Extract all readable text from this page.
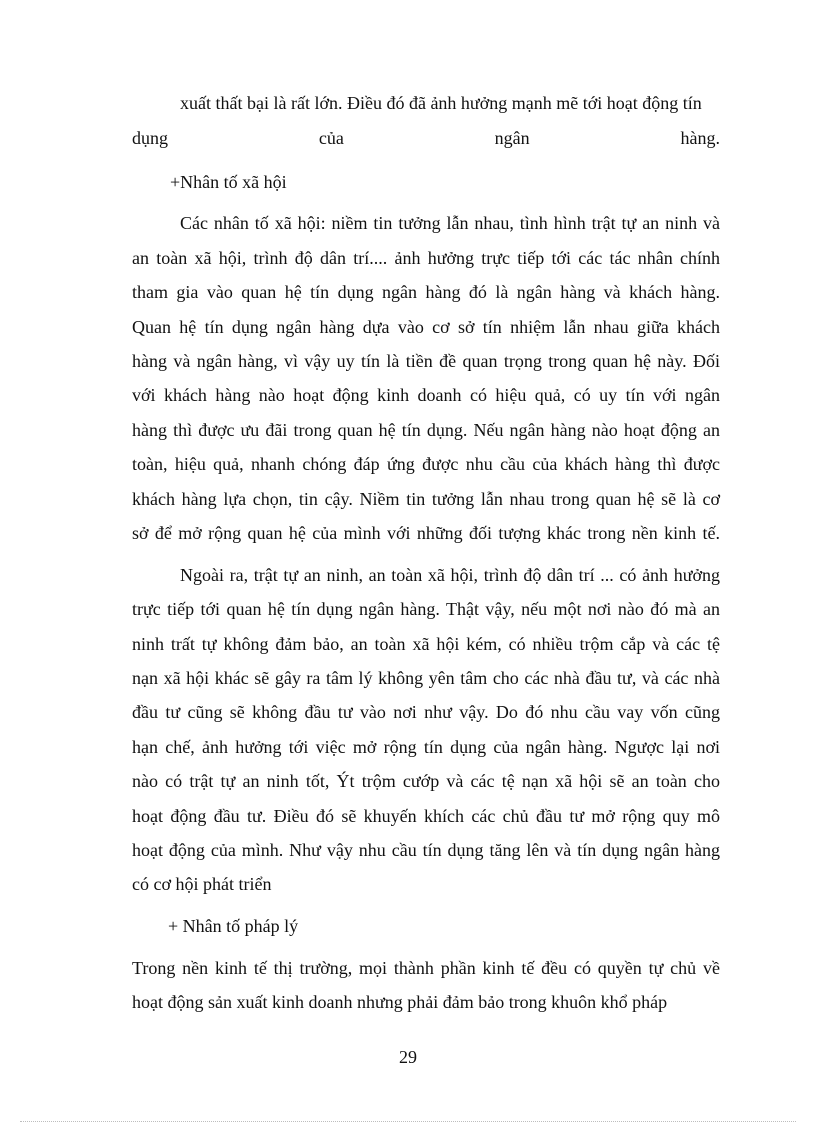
xuất thất bại là rất lớn. Điều đó đã ảnh hưởng mạnh mẽ tới hoạt động tín
dụng của ngân hàng.
+Nhân tố xã hội
Các nhân tố xã hội: niềm tin tưởng lẫn nhau, tình hình trật tự an ninh và
an toàn xã hội, trình độ dân trí.... ảnh hưởng trực tiếp tới các tác nhân chính
tham gia vào quan hệ tín dụng ngân hàng đó là ngân hàng và khách hàng.
Quan hệ tín dụng ngân hàng dựa vào cơ sở tín nhiệm lẫn nhau giữa khách
hàng và ngân hàng, vì vậy uy tín là tiền đề quan trọng trong quan hệ này. Đối
với khách hàng nào hoạt động kinh doanh có hiệu quả, có uy tín với ngân
hàng thì được ưu đãi trong quan hệ tín dụng. Nếu ngân hàng nào hoạt động an
toàn, hiệu quả, nhanh chóng đáp ứng được nhu cầu của khách hàng thì được
khách hàng lựa chọn, tin cậy. Niềm tin tưởng lẫn nhau trong quan hệ sẽ là cơ
sở để mở rộng quan hệ của mình với những đối tượng khác trong nền kinh tế.
Ngoài ra, trật tự an ninh, an toàn xã hội, trình độ dân trí ... có ảnh hưởng
trực tiếp tới quan hệ tín dụng ngân hàng. Thật vậy, nếu một nơi nào đó mà an
ninh trất tự không đảm bảo, an toàn xã hội kém, có nhiều trộm cắp và các tệ
nạn xã hội khác sẽ gây ra tâm lý không yên tâm cho các nhà đầu tư, và các nhà
đầu tư cũng sẽ không đầu tư vào nơi như vậy. Do đó nhu cầu vay vốn cũng
hạn chế, ảnh hưởng tới việc mở rộng tín dụng của ngân hàng. Ngược lại nơi
nào có trật tự an ninh tốt, Ýt trộm cướp và các tệ nạn xã hội sẽ an toàn cho
hoạt động đầu tư. Điều đó sẽ khuyến khích các chủ đầu tư mở rộng quy mô
hoạt động của mình. Như vậy nhu cầu tín dụng tăng lên và tín dụng ngân hàng
có cơ hội phát triển
+ Nhân tố pháp lý
Trong nền kinh tế thị trường, mọi thành phần kinh tế đều có quyền tự chủ về
hoạt động sản xuất kinh doanh nhưng phải đảm bảo trong khuôn khổ pháp
29
